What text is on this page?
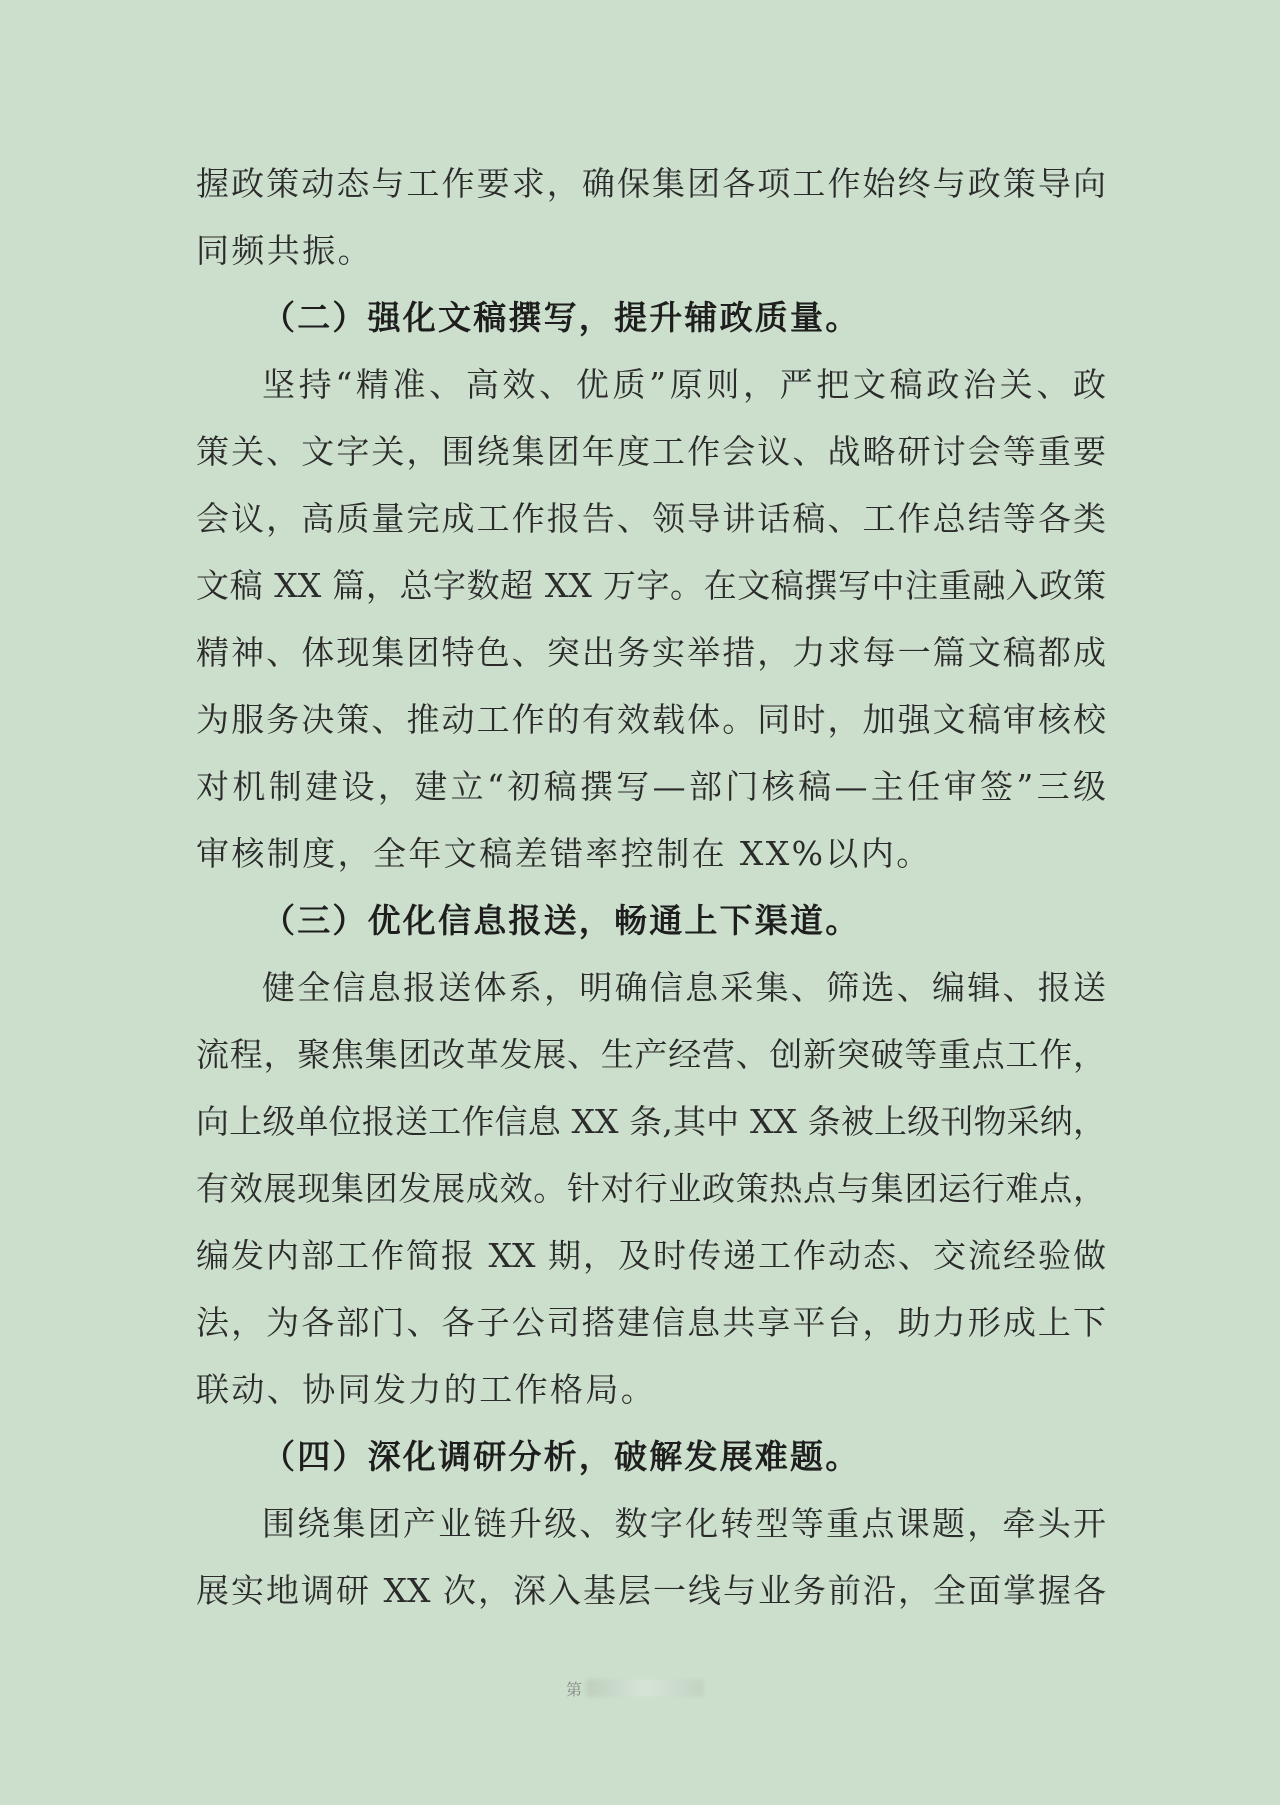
握政策动态与工作要求，确保集团各项工作始终与政策导向
同频共振。
（二）强化文稿撰写，提升辅政质量。
坚持“精准、高效、优质”原则，严把文稿政治关、政
策关、文字关，围绕集团年度工作会议、战略研讨会等重要
会议，高质量完成工作报告、领导讲话稿、工作总结等各类
文稿 XX 篇，总字数超 XX 万字。在文稿撰写中注重融入政策
精神、体现集团特色、突出务实举措，力求每一篇文稿都成
为服务决策、推动工作的有效载体。同时，加强文稿审核校
对机制建设，建立“初稿撰写—部门核稿—主任审签”三级
审核制度，全年文稿差错率控制在 XX%以内。
（三）优化信息报送，畅通上下渠道。
健全信息报送体系，明确信息采集、筛选、编辑、报送
流程，聚焦集团改革发展、生产经营、创新突破等重点工作，
向上级单位报送工作信息 XX 条,其中 XX 条被上级刊物采纳，
有效展现集团发展成效。针对行业政策热点与集团运行难点，
编发内部工作简报 XX 期，及时传递工作动态、交流经验做
法，为各部门、各子公司搭建信息共享平台，助力形成上下
联动、协同发力的工作格局。
（四）深化调研分析，破解发展难题。
围绕集团产业链升级、数字化转型等重点课题，牵头开
展实地调研 XX 次，深入基层一线与业务前沿，全面掌握各
第
